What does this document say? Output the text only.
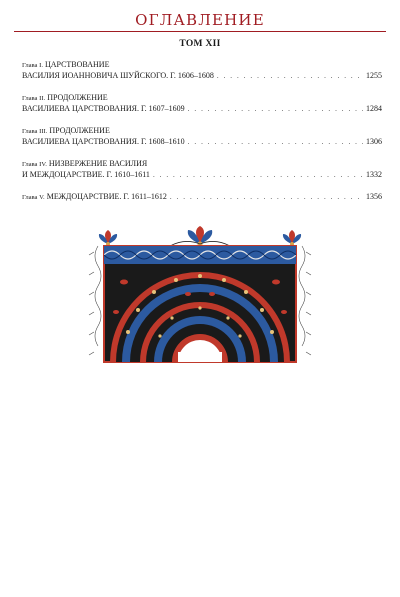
ОГЛАВЛЕНИЕ
ТОМ XII
Глава I.
ЦАРСТВОВАНИЕ
ВАСИЛИЯ ИОАННОВИЧА ШУЙСКОГО. Г. 1606–1608 . . .	1255
Глава II.
ПРОДОЛЖЕНИЕ
ВАСИЛИЕВА ЦАРСТВОВАНИЯ. Г. 1607–1609 . . .	1284
Глава III.
ПРОДОЛЖЕНИЕ
ВАСИЛИЕВА ЦАРСТВОВАНИЯ. Г. 1608–1610 . . .	1306
Глава IV.
НИЗВЕРЖЕНИЕ ВАСИЛИЯ
И МЕЖДОЦАРСТВИЕ. Г. 1610–1611 . . .	1332
Глава V.
МЕЖДОЦАРСТВИЕ. Г. 1611–1612 . . .	1356
